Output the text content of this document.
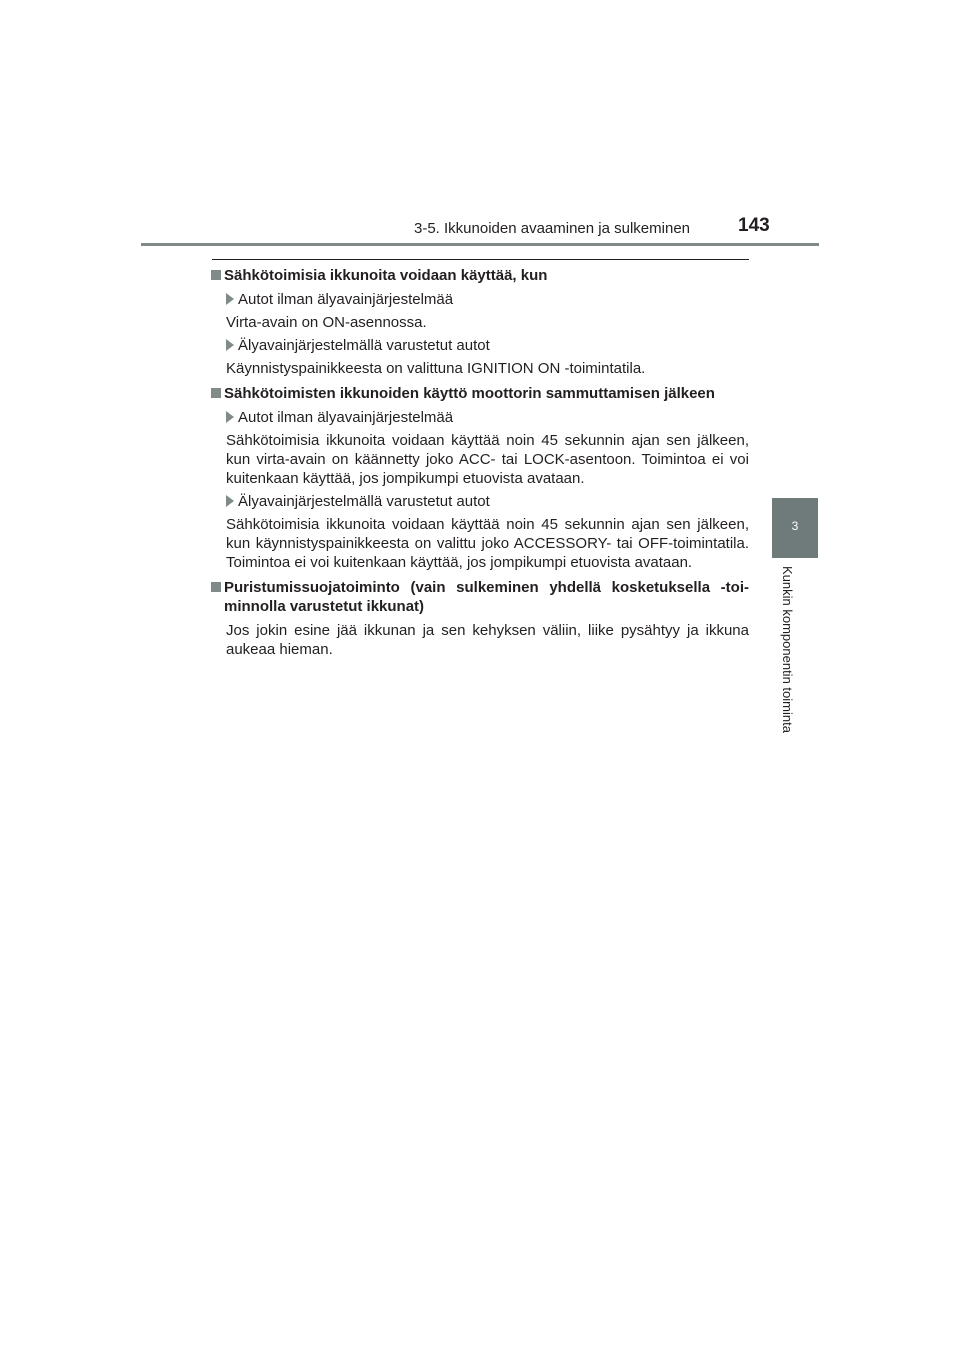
3-5. Ikkunoiden avaaminen ja sulkeminen	143
3
Kunkin komponentin toiminta
Sähkötoimisia ikkunoita voidaan käyttää, kun
Autot ilman älyavainjärjestelmää
Virta-avain on ON-asennossa.
Älyavainjärjestelmällä varustetut autot
Käynnistyspainikkeesta on valittuna IGNITION ON -toimintatila.
Sähkötoimisten ikkunoiden käyttö moottorin sammuttamisen jälkeen
Autot ilman älyavainjärjestelmää
Sähkötoimisia ikkunoita voidaan käyttää noin 45 sekunnin ajan sen jälkeen, kun virta-avain on käännetty joko ACC- tai LOCK-asentoon. Toimintoa ei voi kuitenkaan käyttää, jos jompikumpi etuovista avataan.
Älyavainjärjestelmällä varustetut autot
Sähkötoimisia ikkunoita voidaan käyttää noin 45 sekunnin ajan sen jälkeen, kun käynnistyspainikkeesta on valittu joko ACCESSORY- tai OFF-toimintatila. Toimintoa ei voi kuitenkaan käyttää, jos jompikumpi etuovista avataan.
Puristumissuojatoiminto (vain sulkeminen yhdellä kosketuksella -toi-minnolla varustetut ikkunat)
Jos jokin esine jää ikkunan ja sen kehyksen väliin, liike pysähtyy ja ikkuna aukeaa hieman.
